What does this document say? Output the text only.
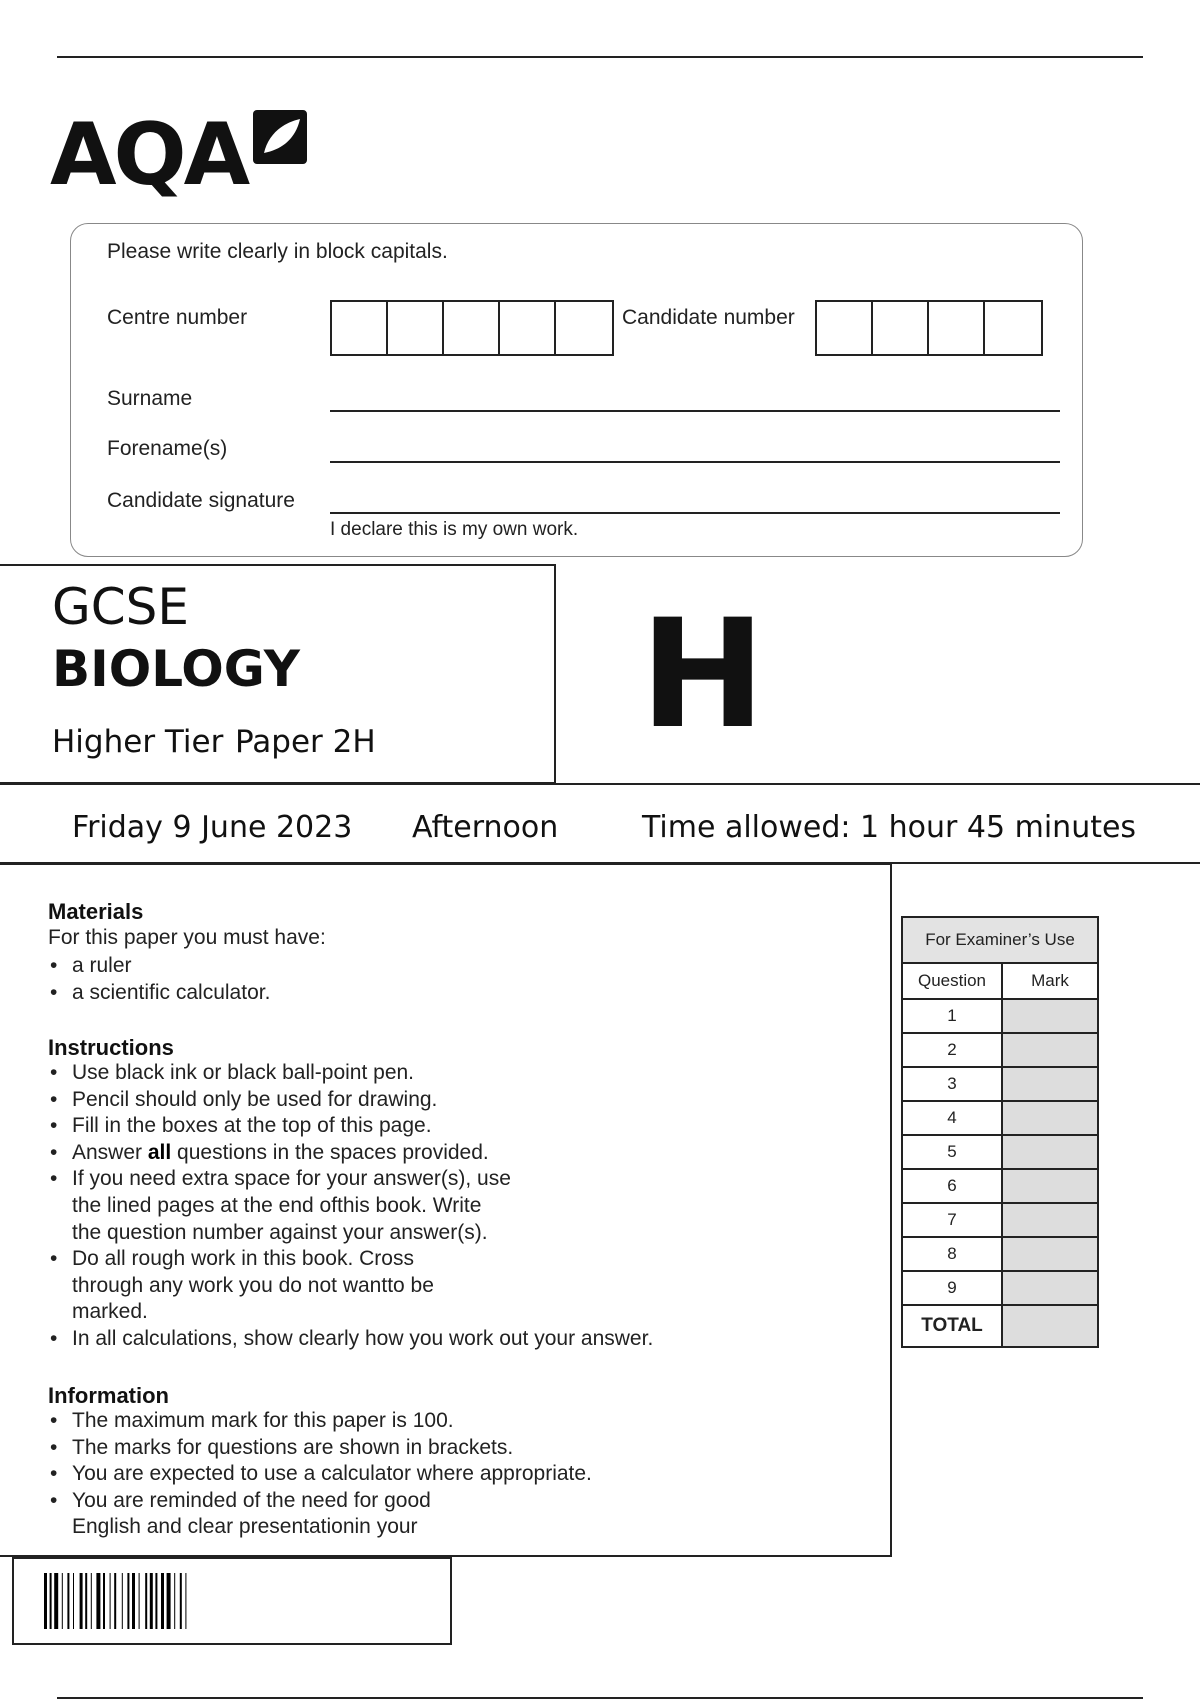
AQA
Please write clearly in block capitals.
Centre number	Candidate number
Surname
Forename(s)
Candidate signature
I declare this is my own work.
GCSE
BIOLOGY
Higher Tier Paper 2H H
Friday 9 June 2023 Afternoon	Time allowed: 1 hour 45 minutes
Materials
For this paper you must have:
• a ruler
• a scientific calculator.
Instructions
• Use black ink or black ball-point pen.
• Pencil should only be used for drawing.
• Fill in the boxes at the top of this page.
• Answer all questions in the spaces provided.
• If you need extra space for your answer(s), use
the lined pages at the end ofthis book. Write
the question number against your answer(s).
• Do all rough work in this book. Cross
through any work you do not wantto be
marked.
• In all calculations, show clearly how you work out your answer.
Information
• The maximum mark for this paper is 100.
• The marks for questions are shown in brackets.
• You are expected to use a calculator where appropriate.
• You are reminded of the need for good
English and clear presentationin your
For Examiner’s Use	
Question	Mark
1	
2	
3	
4	
5	
6	
7	
8	
9	
TOTAL	
